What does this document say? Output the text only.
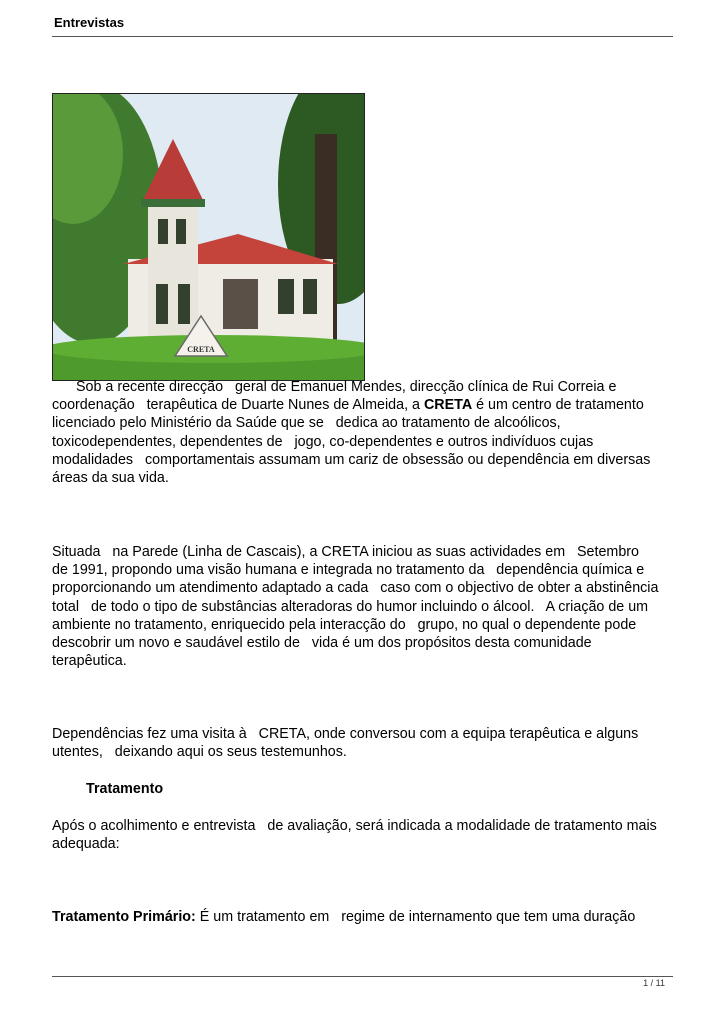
Entrevistas
CRETA
Sob a recente direcção   geral de Emanuel Mendes, direcção clínica de Rui Correia e
coordenação   terapêutica de Duarte Nunes de Almeida, a CRETA é um centro de tratamento
licenciado pelo Ministério da Saúde que se   dedica ao tratamento de alcoólicos,
toxicodependentes, dependentes de   jogo, co-dependentes e outros indivíduos cujas
modalidades   comportamentais assumam um cariz de obsessão ou dependência em diversas
áreas da sua vida.
Situada   na Parede (Linha de Cascais), a CRETA iniciou as suas actividades em   Setembro
de 1991, propondo uma visão humana e integrada no tratamento da   dependência química e
proporcionando um atendimento adaptado a cada   caso com o objectivo de obter a abstinência
total   de todo o tipo de substâncias alteradoras do humor incluindo o álcool.   A criação de um
ambiente no tratamento, enriquecido pela interacção do   grupo, no qual o dependente pode
descobrir um novo e saudável estilo de   vida é um dos propósitos desta comunidade
terapêutica.
Dependências fez uma visita à   CRETA, onde conversou com a equipa terapêutica e alguns
utentes,   deixando aqui os seus testemunhos.
Tratamento
Após o acolhimento e entrevista   de avaliação, será indicada a modalidade de tratamento mais
adequada:
Tratamento Primário: É um tratamento em   regime de internamento que tem uma duração
1 / 11
